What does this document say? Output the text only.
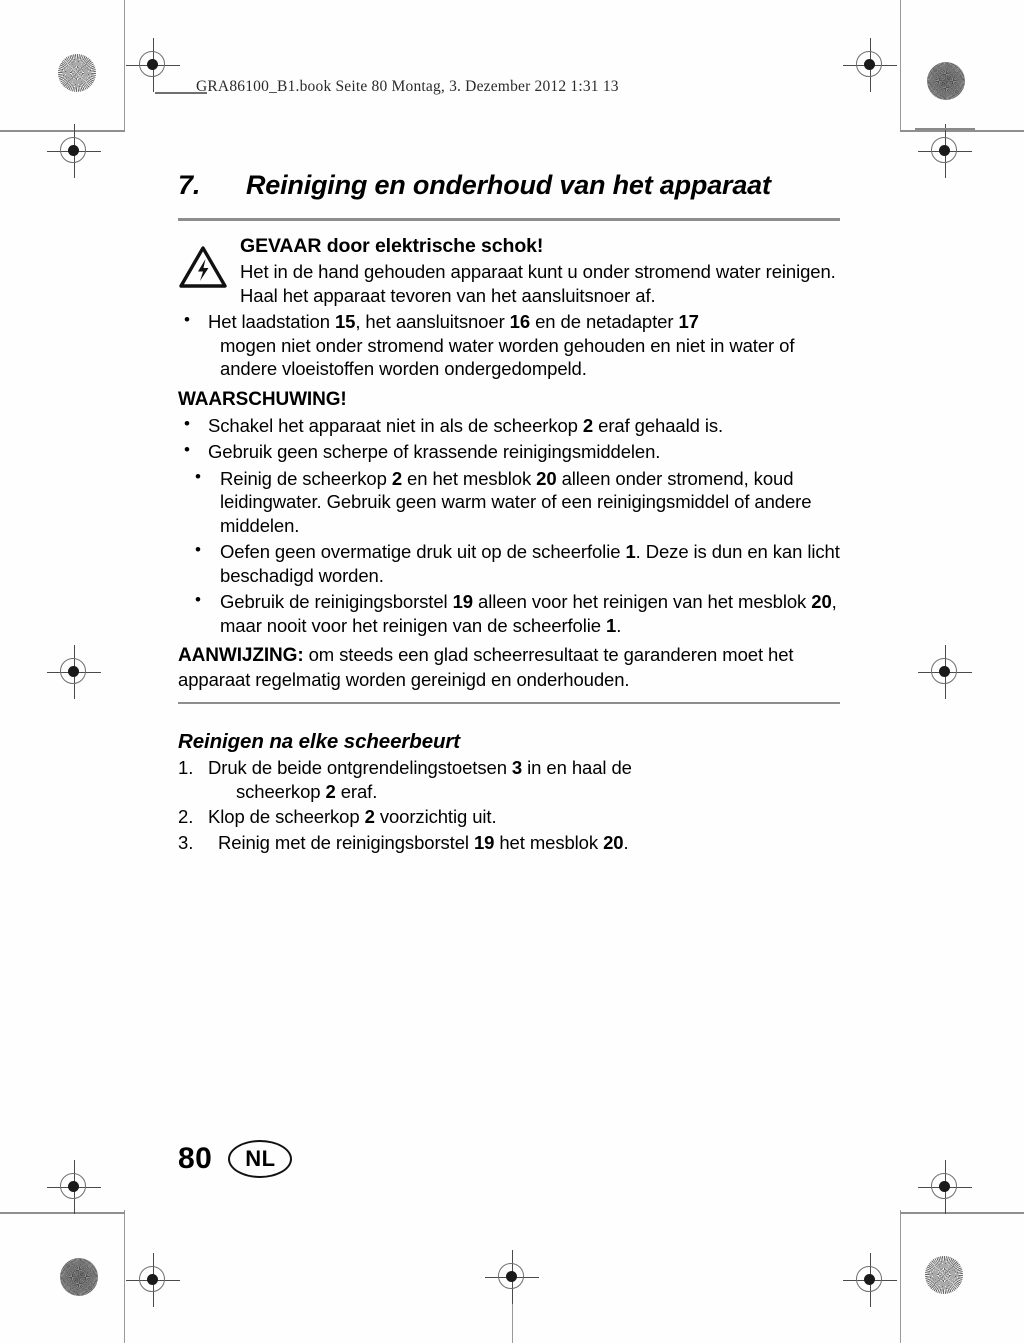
GRA86100_B1.book Seite 80 Montag, 3. Dezember 2012 1:31 13
7.	Reiniging en onderhoud van het apparaat
GEVAAR door elektrische schok!
Het in de hand gehouden apparaat kunt u onder stromend water reinigen. Haal het apparaat tevoren van het aansluitsnoer af.
• Het laadstation 15, het aansluitsnoer 16 en de netadapter 17
mogen niet onder stromend water worden gehouden en niet in water of andere vloeistoffen worden ondergedompeld.
WAARSCHUWING!
• Schakel het apparaat niet in als de scheerkop 2 eraf gehaald is.
• Gebruik geen scherpe of krassende reinigingsmiddelen.
• Reinig de scheerkop 2 en het mesblok 20 alleen onder stromend, koud leidingwater. Gebruik geen warm water of een reinigingsmiddel of andere middelen.
• Oefen geen overmatige druk uit op de scheerfolie 1. Deze is dun en kan licht beschadigd worden.
• Gebruik de reinigingsborstel 19 alleen voor het reinigen van het mesblok 20, maar nooit voor het reinigen van de scheerfolie 1.
AANWIJZING: om steeds een glad scheerresultaat te garanderen moet het apparaat regelmatig worden gereinigd en onderhouden.
Reinigen na elke scheerbeurt
1. Druk de beide ontgrendelingstoetsen 3 in en haal de
scheerkop 2 eraf.
2. Klop de scheerkop 2 voorzichtig uit.
3. Reinig met de reinigingsborstel 19 het mesblok 20.
80	NL
